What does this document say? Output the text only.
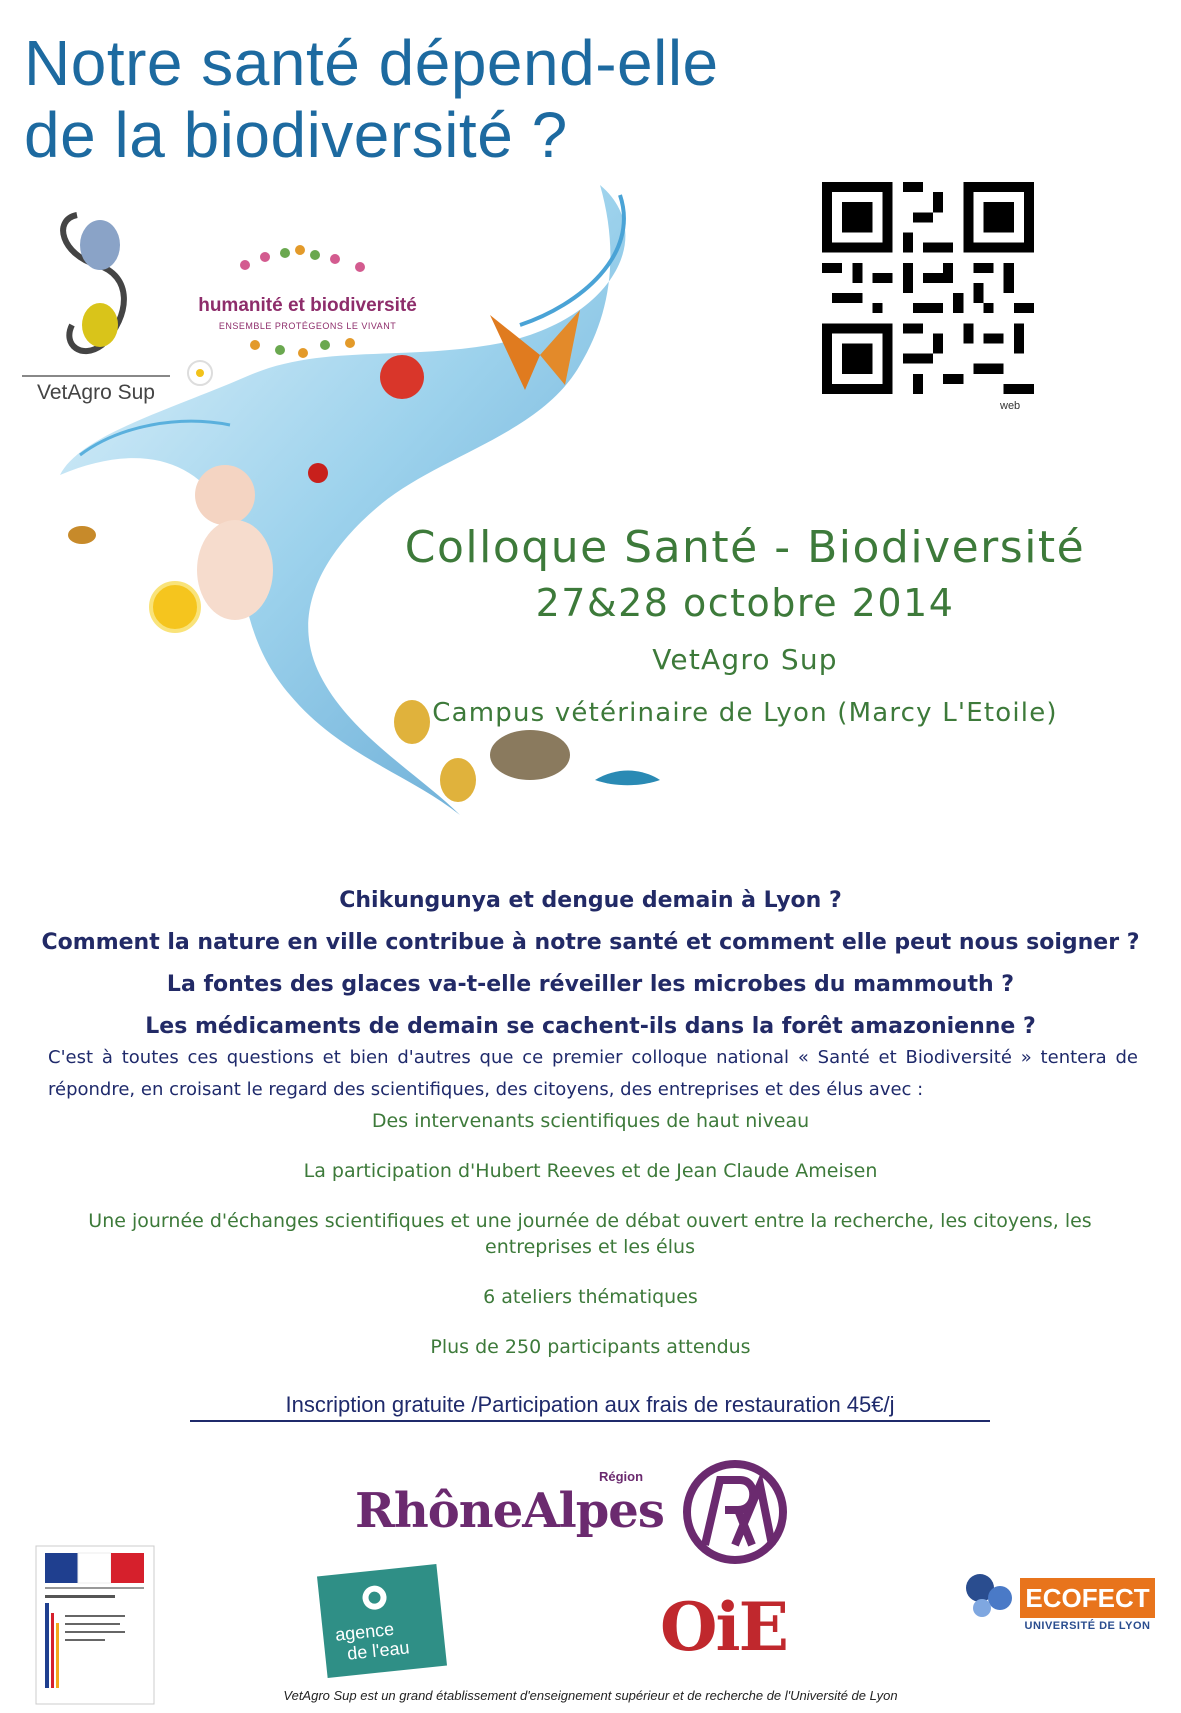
Notre santé dépend-elle
de la biodiversité ?
VetAgro Sup
humanité et biodiversité
ENSEMBLE PROTÉGEONS LE VIVANT
web
Colloque Santé - Biodiversité
27&28 octobre 2014
VetAgro Sup
Campus vétérinaire de Lyon (Marcy L'Etoile)
Chikungunya et dengue demain à Lyon ?
Comment la nature en ville contribue à notre santé et comment elle peut nous soigner ?
La fontes des glaces va-t-elle réveiller les microbes du mammouth ?
Les médicaments de demain se cachent-ils dans la forêt amazonienne ?

C'est à toutes ces questions et bien d'autres que ce premier colloque national « Santé et Biodiversité » tentera de répondre, en croisant le regard des scientifiques, des citoyens, des entreprises et des élus avec :

Des intervenants scientifiques de haut niveau
La participation d'Hubert Reeves et de Jean Claude Ameisen
Une journée d'échanges scientifiques et une journée de débat ouvert entre la recherche, les citoyens, les entreprises et les élus
6 ateliers thématiques
Plus de 250 participants attendus
Inscription gratuite /Participation aux frais de restauration 45€/j
RhôneAlpes
Région
agence
de l'eau	OiE	ECOFECT
UNIVERSITÉ DE LYON
VetAgro Sup est un grand établissement d'enseignement supérieur et de recherche de l'Université de Lyon
